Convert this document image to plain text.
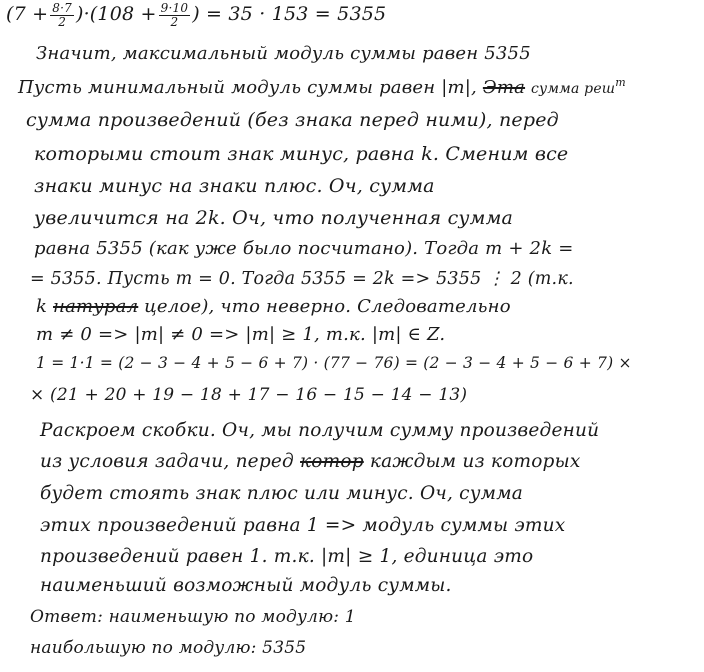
$(7 + \frac{8\cdot 7}{2} )\cdot(108 + \frac{9\cdot 10}{2}$ ) = 35 · 153 = 5355
Значит, максимальный модуль суммы равен 5355
Пусть минимальный модуль суммы равен |m|, Эта сумма реш$^m$
сумма произведений (без знака перед ними), перед
которыми стоит знак минус, равна k. Сменим все
знаки минус на знаки плюс. Оч, сумма
увеличится на 2k. Оч, что полученная сумма
равна 5355 (как уже было посчитано). Тогда m + 2k =
= 5355. Пусть m = 0. Тогда 5355 = 2k => 5355 ⋮ 2 (т.к.
k натурал целое), что неверно. Следовательно
m ≠ 0 => |m| ≠ 0 => |m| ≥ 1, т.к. |m| ∈ Z.
1 = 1·1 = (2 − 3 − 4 + 5 − 6 + 7) · (77 − 76) = (2 − 3 − 4 + 5 − 6 + 7) ×
× (21 + 20 + 19 − 18 + 17 − 16 − 15 − 14 − 13)
Раскроем скобки. Оч, мы получим сумму произведений
из условия задачи, перед котор каждым из которых
будет стоять знак плюс или минус. Оч, сумма
этих произведений равна 1 => модуль суммы этих
произведений равен 1. т.к. |m| ≥ 1, единица это
наименьший возможный модуль суммы.
Ответ: наименьшую по модулю: 1
наибольшую по модулю: 5355
